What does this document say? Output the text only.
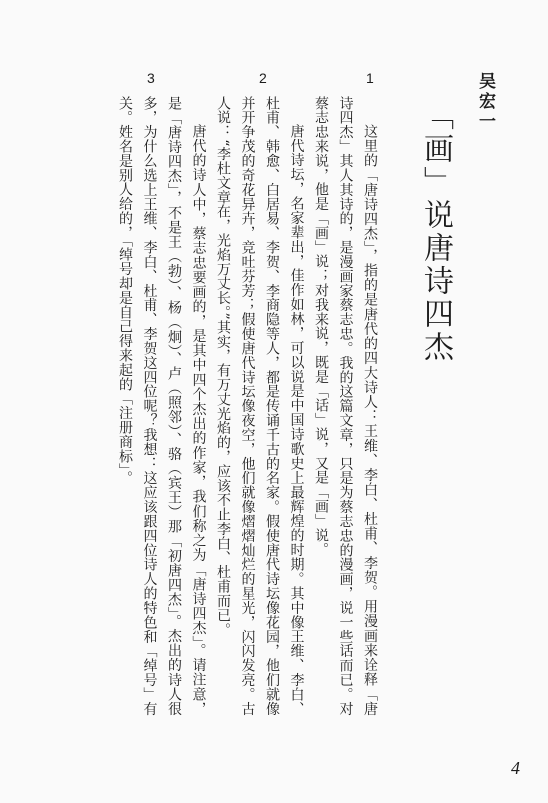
吴宏一
「画」说唐诗四杰
1
2
3

这里的「唐诗四杰」，指的是唐代的四大诗人：王维、李白、杜甫、李贺。用漫画来诠释「唐诗四杰」其人其诗的，是漫画家蔡志忠。我的这篇文章，只是为蔡志忠的漫画，说一些话而已。对蔡志忠来说，他是「画」说；对我来说，既是「话」说，又是「画」说。

唐代诗坛，名家辈出，佳作如林，可以说是中国诗歌史上最辉煌的时期。其中像王维、李白、杜甫、韩愈、白居易、李贺、李商隐等人，都是传诵千古的名家。假使唐代诗坛像花园，他们就像并开争茂的奇花异卉，竞吐芬芳；假使唐代诗坛像夜空，他们就像熠熠灿烂的星光，闪闪发亮。古人说：“李杜文章在，光焰万丈长。”其实，有万丈光焰的，应该不止李白、杜甫而已。

唐代的诗人中，蔡志忠要画的，是其中四个杰出的作家，我们称之为「唐诗四杰」。请注意，是「唐诗四杰」，不是王（勃）、杨（炯）、卢（照邻）、骆（宾王）那「初唐四杰」。杰出的诗人很多，为什么选上王维、李白、杜甫、李贺这四位呢？我想：这应该跟四位诗人的特色和「绰号」有关。姓名是别人给的，「绰号却是自己得来起的「注册商标」。

4
